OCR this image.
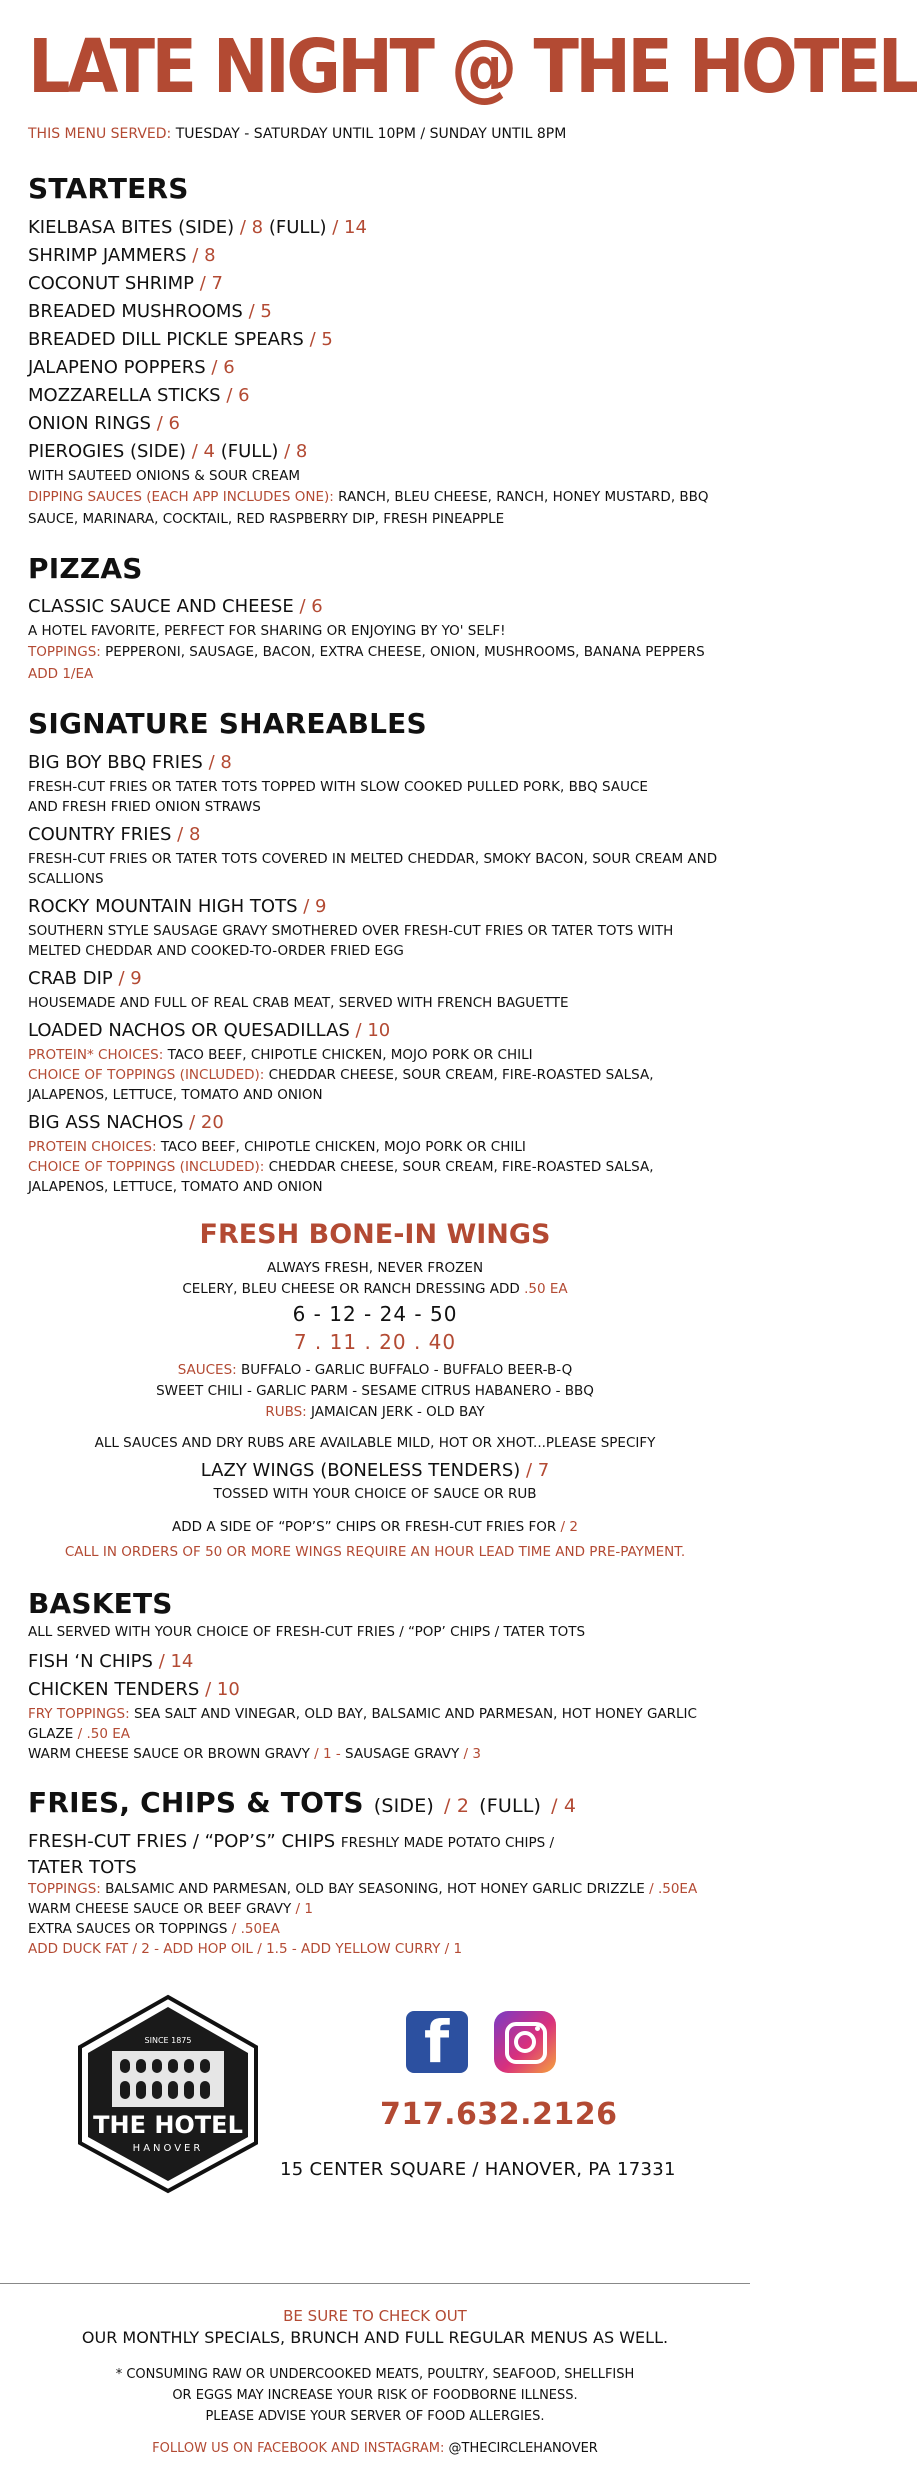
LATE NIGHT @ THE HOTEL
THIS MENU SERVED: TUESDAY - SATURDAY UNTIL 10PM / SUNDAY UNTIL 8PM
STARTERS
KIELBASA BITES (SIDE) / 8 (FULL) / 14
SHRIMP JAMMERS / 8
COCONUT SHRIMP / 7
BREADED MUSHROOMS / 5
BREADED DILL PICKLE SPEARS / 5
JALAPENO POPPERS / 6
MOZZARELLA STICKS / 6
ONION RINGS / 6
PIEROGIES (SIDE) / 4 (FULL) / 8
WITH SAUTEED ONIONS & SOUR CREAM
DIPPING SAUCES (EACH APP INCLUDES ONE): RANCH, BLEU CHEESE, RANCH, HONEY MUSTARD, BBQ SAUCE, MARINARA, COCKTAIL, RED RASPBERRY DIP, FRESH PINEAPPLE
PIZZAS
CLASSIC SAUCE AND CHEESE / 6
A HOTEL FAVORITE, PERFECT FOR SHARING OR ENJOYING BY YO' SELF!
TOPPINGS: PEPPERONI, SAUSAGE, BACON, EXTRA CHEESE, ONION, MUSHROOMS, BANANA PEPPERS ADD 1/EA
SIGNATURE SHAREABLES
BIG BOY BBQ FRIES / 8
FRESH-CUT FRIES OR TATER TOTS TOPPED WITH SLOW COOKED PULLED PORK, BBQ SAUCE
AND FRESH FRIED ONION STRAWS
COUNTRY FRIES / 8
FRESH-CUT FRIES OR TATER TOTS COVERED IN MELTED CHEDDAR, SMOKY BACON, SOUR CREAM AND SCALLIONS
ROCKY MOUNTAIN HIGH TOTS / 9
SOUTHERN STYLE SAUSAGE GRAVY SMOTHERED OVER FRESH-CUT FRIES OR TATER TOTS WITH MELTED CHEDDAR AND COOKED-TO-ORDER FRIED EGG
CRAB DIP / 9
HOUSEMADE AND FULL OF REAL CRAB MEAT, SERVED WITH FRENCH BAGUETTE
LOADED NACHOS OR QUESADILLAS / 10
PROTEIN* CHOICES: TACO BEEF, CHIPOTLE CHICKEN, MOJO PORK OR CHILI
CHOICE OF TOPPINGS (INCLUDED): CHEDDAR CHEESE, SOUR CREAM, FIRE-ROASTED SALSA, JALAPENOS, LETTUCE, TOMATO AND ONION
BIG ASS NACHOS / 20
PROTEIN CHOICES: TACO BEEF, CHIPOTLE CHICKEN, MOJO PORK OR CHILI
CHOICE OF TOPPINGS (INCLUDED): CHEDDAR CHEESE, SOUR CREAM, FIRE-ROASTED SALSA, JALAPENOS, LETTUCE, TOMATO AND ONION
FRESH BONE-IN WINGS
ALWAYS FRESH, NEVER FROZEN
CELERY, BLEU CHEESE OR RANCH DRESSING ADD .50 EA
6 - 12 - 24 - 50
7 . 11 . 20 . 40
SAUCES: BUFFALO - GARLIC BUFFALO - BUFFALO BEER-B-Q
SWEET CHILI - GARLIC PARM - SESAME CITRUS HABANERO - BBQ
RUBS: JAMAICAN JERK - OLD BAY
ALL SAUCES AND DRY RUBS ARE AVAILABLE MILD, HOT OR XHOT...PLEASE SPECIFY
LAZY WINGS (BONELESS TENDERS) / 7
TOSSED WITH YOUR CHOICE OF SAUCE OR RUB
ADD A SIDE OF “POP’S” CHIPS OR FRESH-CUT FRIES FOR / 2
CALL IN ORDERS OF 50 OR MORE WINGS REQUIRE AN HOUR LEAD TIME AND PRE-PAYMENT.
BASKETS
ALL SERVED WITH YOUR CHOICE OF FRESH-CUT FRIES / “POP’ CHIPS / TATER TOTS
FISH ‘N CHIPS / 14
CHICKEN TENDERS / 10
FRY TOPPINGS: SEA SALT AND VINEGAR, OLD BAY, BALSAMIC AND PARMESAN, HOT HONEY GARLIC GLAZE / .50 EA
WARM CHEESE SAUCE OR BROWN GRAVY / 1 - SAUSAGE GRAVY / 3
FRIES, CHIPS & TOTS (SIDE) / 2 (FULL) / 4
FRESH-CUT FRIES / “POP’S” CHIPS FRESHLY MADE POTATO CHIPS /
TATER TOTS
TOPPINGS: BALSAMIC AND PARMESAN, OLD BAY SEASONING, HOT HONEY GARLIC DRIZZLE / .50EA WARM CHEESE SAUCE OR BEEF GRAVY / 1
EXTRA SAUCES OR TOPPINGS / .50EA
ADD DUCK FAT / 2 - ADD HOP OIL / 1.5 - ADD YELLOW CURRY / 1
SINCE 1875
THE HOTEL
HANOVER
f
717.632.2126
15 CENTER SQUARE / HANOVER, PA 17331
BE SURE TO CHECK OUT
OUR MONTHLY SPECIALS, BRUNCH AND FULL REGULAR MENUS AS WELL.
* CONSUMING RAW OR UNDERCOOKED MEATS, POULTRY, SEAFOOD, SHELLFISH
OR EGGS MAY INCREASE YOUR RISK OF FOODBORNE ILLNESS.
PLEASE ADVISE YOUR SERVER OF FOOD ALLERGIES.
FOLLOW US ON FACEBOOK AND INSTAGRAM: @THECIRCLEHANOVER
